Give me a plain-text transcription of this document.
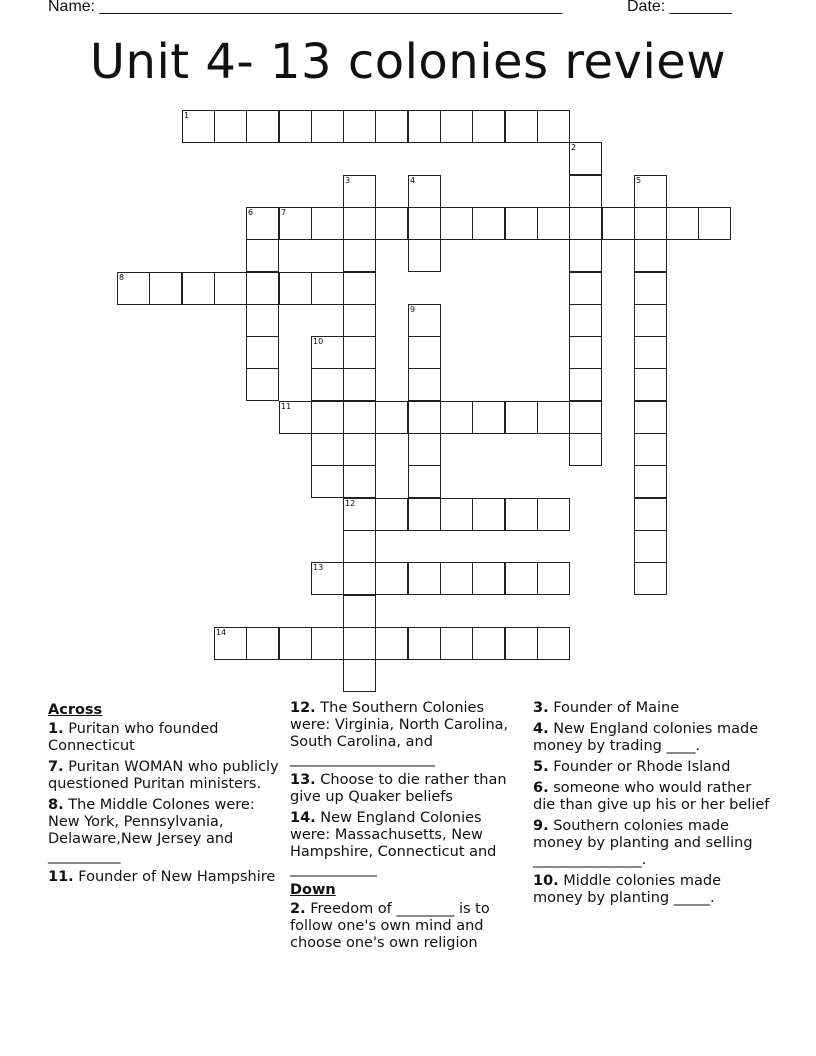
Name: ____________________________________________________	Date: _______
Unit 4- 13 colonies review
1
2
3
12
4	5
6	7
8
9
10
11
13
14
Across
1. Puritan who founded Connecticut
7. Puritan WOMAN who publicly questioned Puritan ministers.
8. The Middle Colones were: New York, Pennsylvania, Delaware,New Jersey and __________
11. Founder of New Hampshire
12. The Southern Colonies were: Virginia, North Carolina, South Carolina, and ____________________
13. Choose to die rather than give up Quaker beliefs
14. New England Colonies were: Massachusetts, New Hampshire, Connecticut and ____________
Down
2. Freedom of ________ is to follow one's own mind and choose one's own religion
3. Founder of Maine
4. New England colonies made money by trading ____.
5. Founder or Rhode Island
6. someone who would rather die than give up his or her belief
9. Southern colonies made money by planting and selling _______________.
10. Middle colonies made money by planting _____.
